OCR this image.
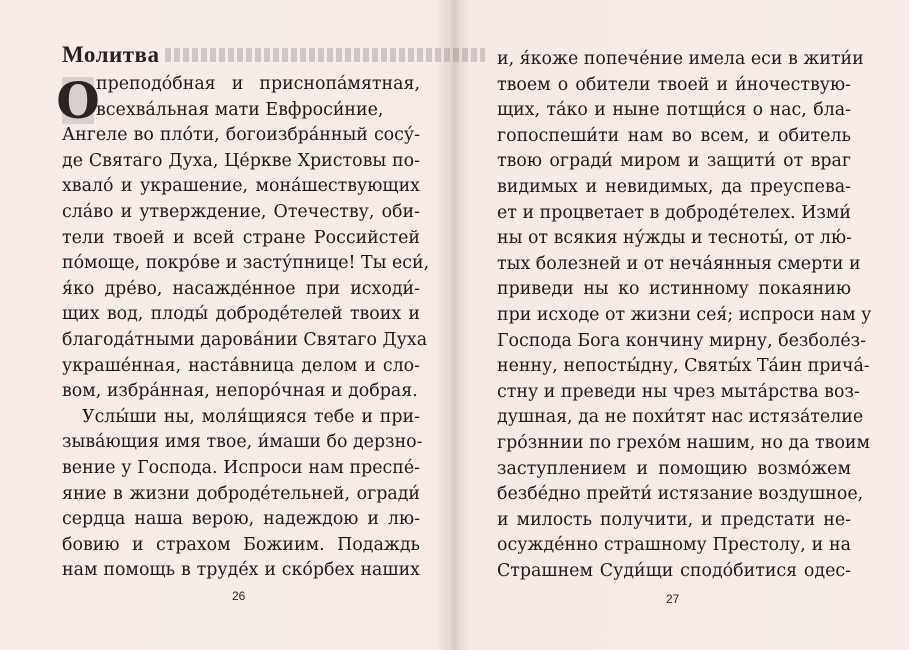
Молитва
О
преподо́бная и приснопа́мятная,
всехва́льная мати Евфроси́ние,
Ангеле во пло́ти, богоизбра́нный сосу́-
де Святаго Духа, Це́ркве Христовы по-
хвало́ и украшение, мона́шествующих
сла́во и утверждение, Отечеству, оби-
тели твоей и всей стране Российстей
по́моще, покро́ве и засту́пнице! Ты еси́,
я́ко дре́во, насажде́нное при исходи́-
щих вод, плоды́ доброде́телей твоих и
благода́тными дарова́нии Святаго Духа
украше́нная, наста́вница делом и сло-
вом, избра́нная, непоро́чная и добрая.
Услы́ши ны, моля́щияся тебе и при-
зыва́ющия имя твое, и́маши бо дерзно-
вение у Господа. Испроси нам преспе́-
яние в жизни доброде́тельней, огради́
сердца наша верою, надеждою и лю-
бовию и страхом Божиим. Подаждь
нам помощь в труде́х и ско́рбех наших
26
и, я́коже попече́ние имела еси в жити́и
твоем о обители твоей и и́ночествую-
щих, та́ко и ныне потщи́ся о нас, бла-
гопоспеши́ти нам во всем, и обитель
твою огради́ миром и защити́ от враг
видимых и невидимых, да преуспева-
ет и процветает в доброде́телех. Изми́
ны от всякия ну́жды и тесноты́, от лю́-
тых болезней и от неча́янныя смерти и
приведи ны ко истинному покаянию
при исходе от жизни сея́; испроси нам у
Господа Бога кончину мирну, безболе́з-
ненну, непосты́дну, Святы́х Та́ин прича́-
стну и преведи ны чрез мыта́рства воз-
душная, да не похи́тят нас истяза́телие
гро́зннии по грехо́м нашим, но да твоим
заступлением и помощию возмо́жем
безбе́дно прейти́ истязание воздушное,
и милость получити, и предстати не-
осужде́нно страшному Престолу, и на
Страшнем Суди́щи сподо́битися одес-
27
